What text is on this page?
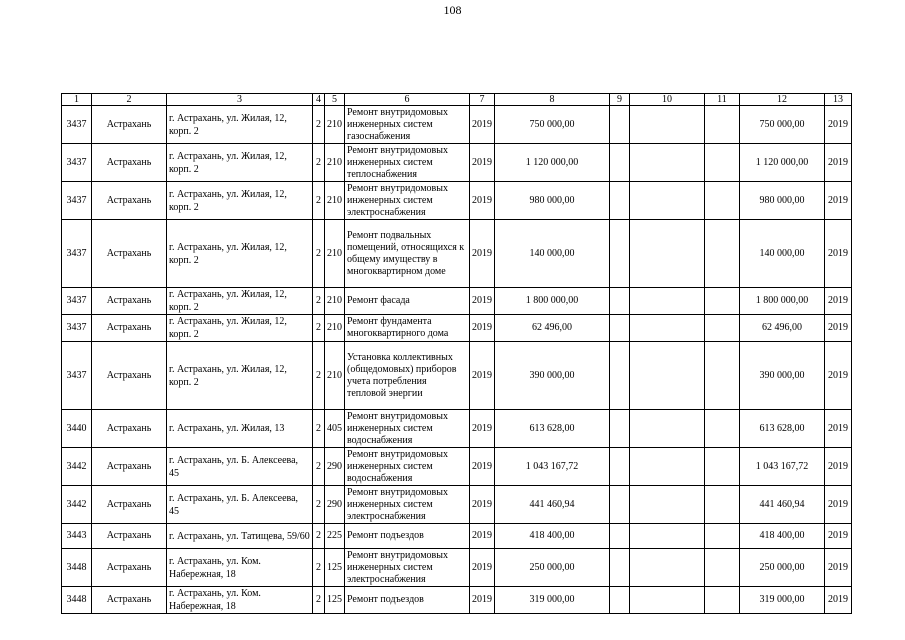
108
1	2	3	4	5	6	7	8	9	10	11	12	13
3437	Астрахань	г. Астрахань, ул. Жилая, 12, корп. 2	2	210	Ремонт внутридомовых инженерных систем газоснабжения	2019	750 000,00				750 000,00	2019
3437	Астрахань	г. Астрахань, ул. Жилая, 12, корп. 2	2	210	Ремонт внутридомовых инженерных систем теплоснабжения	2019	1 120 000,00				1 120 000,00	2019
3437	Астрахань	г. Астрахань, ул. Жилая, 12, корп. 2	2	210	Ремонт внутридомовых инженерных систем электроснабжения	2019	980 000,00				980 000,00	2019
3437	Астрахань	г. Астрахань, ул. Жилая, 12, корп. 2	2	210	Ремонт подвальных помещений, относящихся к общему имуществу в многоквартирном доме	2019	140 000,00				140 000,00	2019
3437	Астрахань	г. Астрахань, ул. Жилая, 12, корп. 2	2	210	Ремонт фасада	2019	1 800 000,00				1 800 000,00	2019
3437	Астрахань	г. Астрахань, ул. Жилая, 12, корп. 2	2	210	Ремонт фундамента многоквартирного дома	2019	62 496,00				62 496,00	2019
3437	Астрахань	г. Астрахань, ул. Жилая, 12, корп. 2	2	210	Установка коллективных (общедомовых) приборов учета потребления тепловой энергии	2019	390 000,00				390 000,00	2019
3440	Астрахань	г. Астрахань, ул. Жилая, 13	2	405	Ремонт внутридомовых инженерных систем водоснабжения	2019	613 628,00				613 628,00	2019
3442	Астрахань	г. Астрахань, ул. Б. Алексеева, 45	2	290	Ремонт внутридомовых инженерных систем водоснабжения	2019	1 043 167,72				1 043 167,72	2019
3442	Астрахань	г. Астрахань, ул. Б. Алексеева, 45	2	290	Ремонт внутридомовых инженерных систем электроснабжения	2019	441 460,94				441 460,94	2019
3443	Астрахань	г. Астрахань, ул. Татищева, 59/60	2	225	Ремонт подъездов	2019	418 400,00				418 400,00	2019
3448	Астрахань	г. Астрахань, ул. Ком. Набережная, 18	2	125	Ремонт внутридомовых инженерных систем электроснабжения	2019	250 000,00				250 000,00	2019
3448	Астрахань	г. Астрахань, ул. Ком. Набережная, 18	2	125	Ремонт подъездов	2019	319 000,00				319 000,00	2019
